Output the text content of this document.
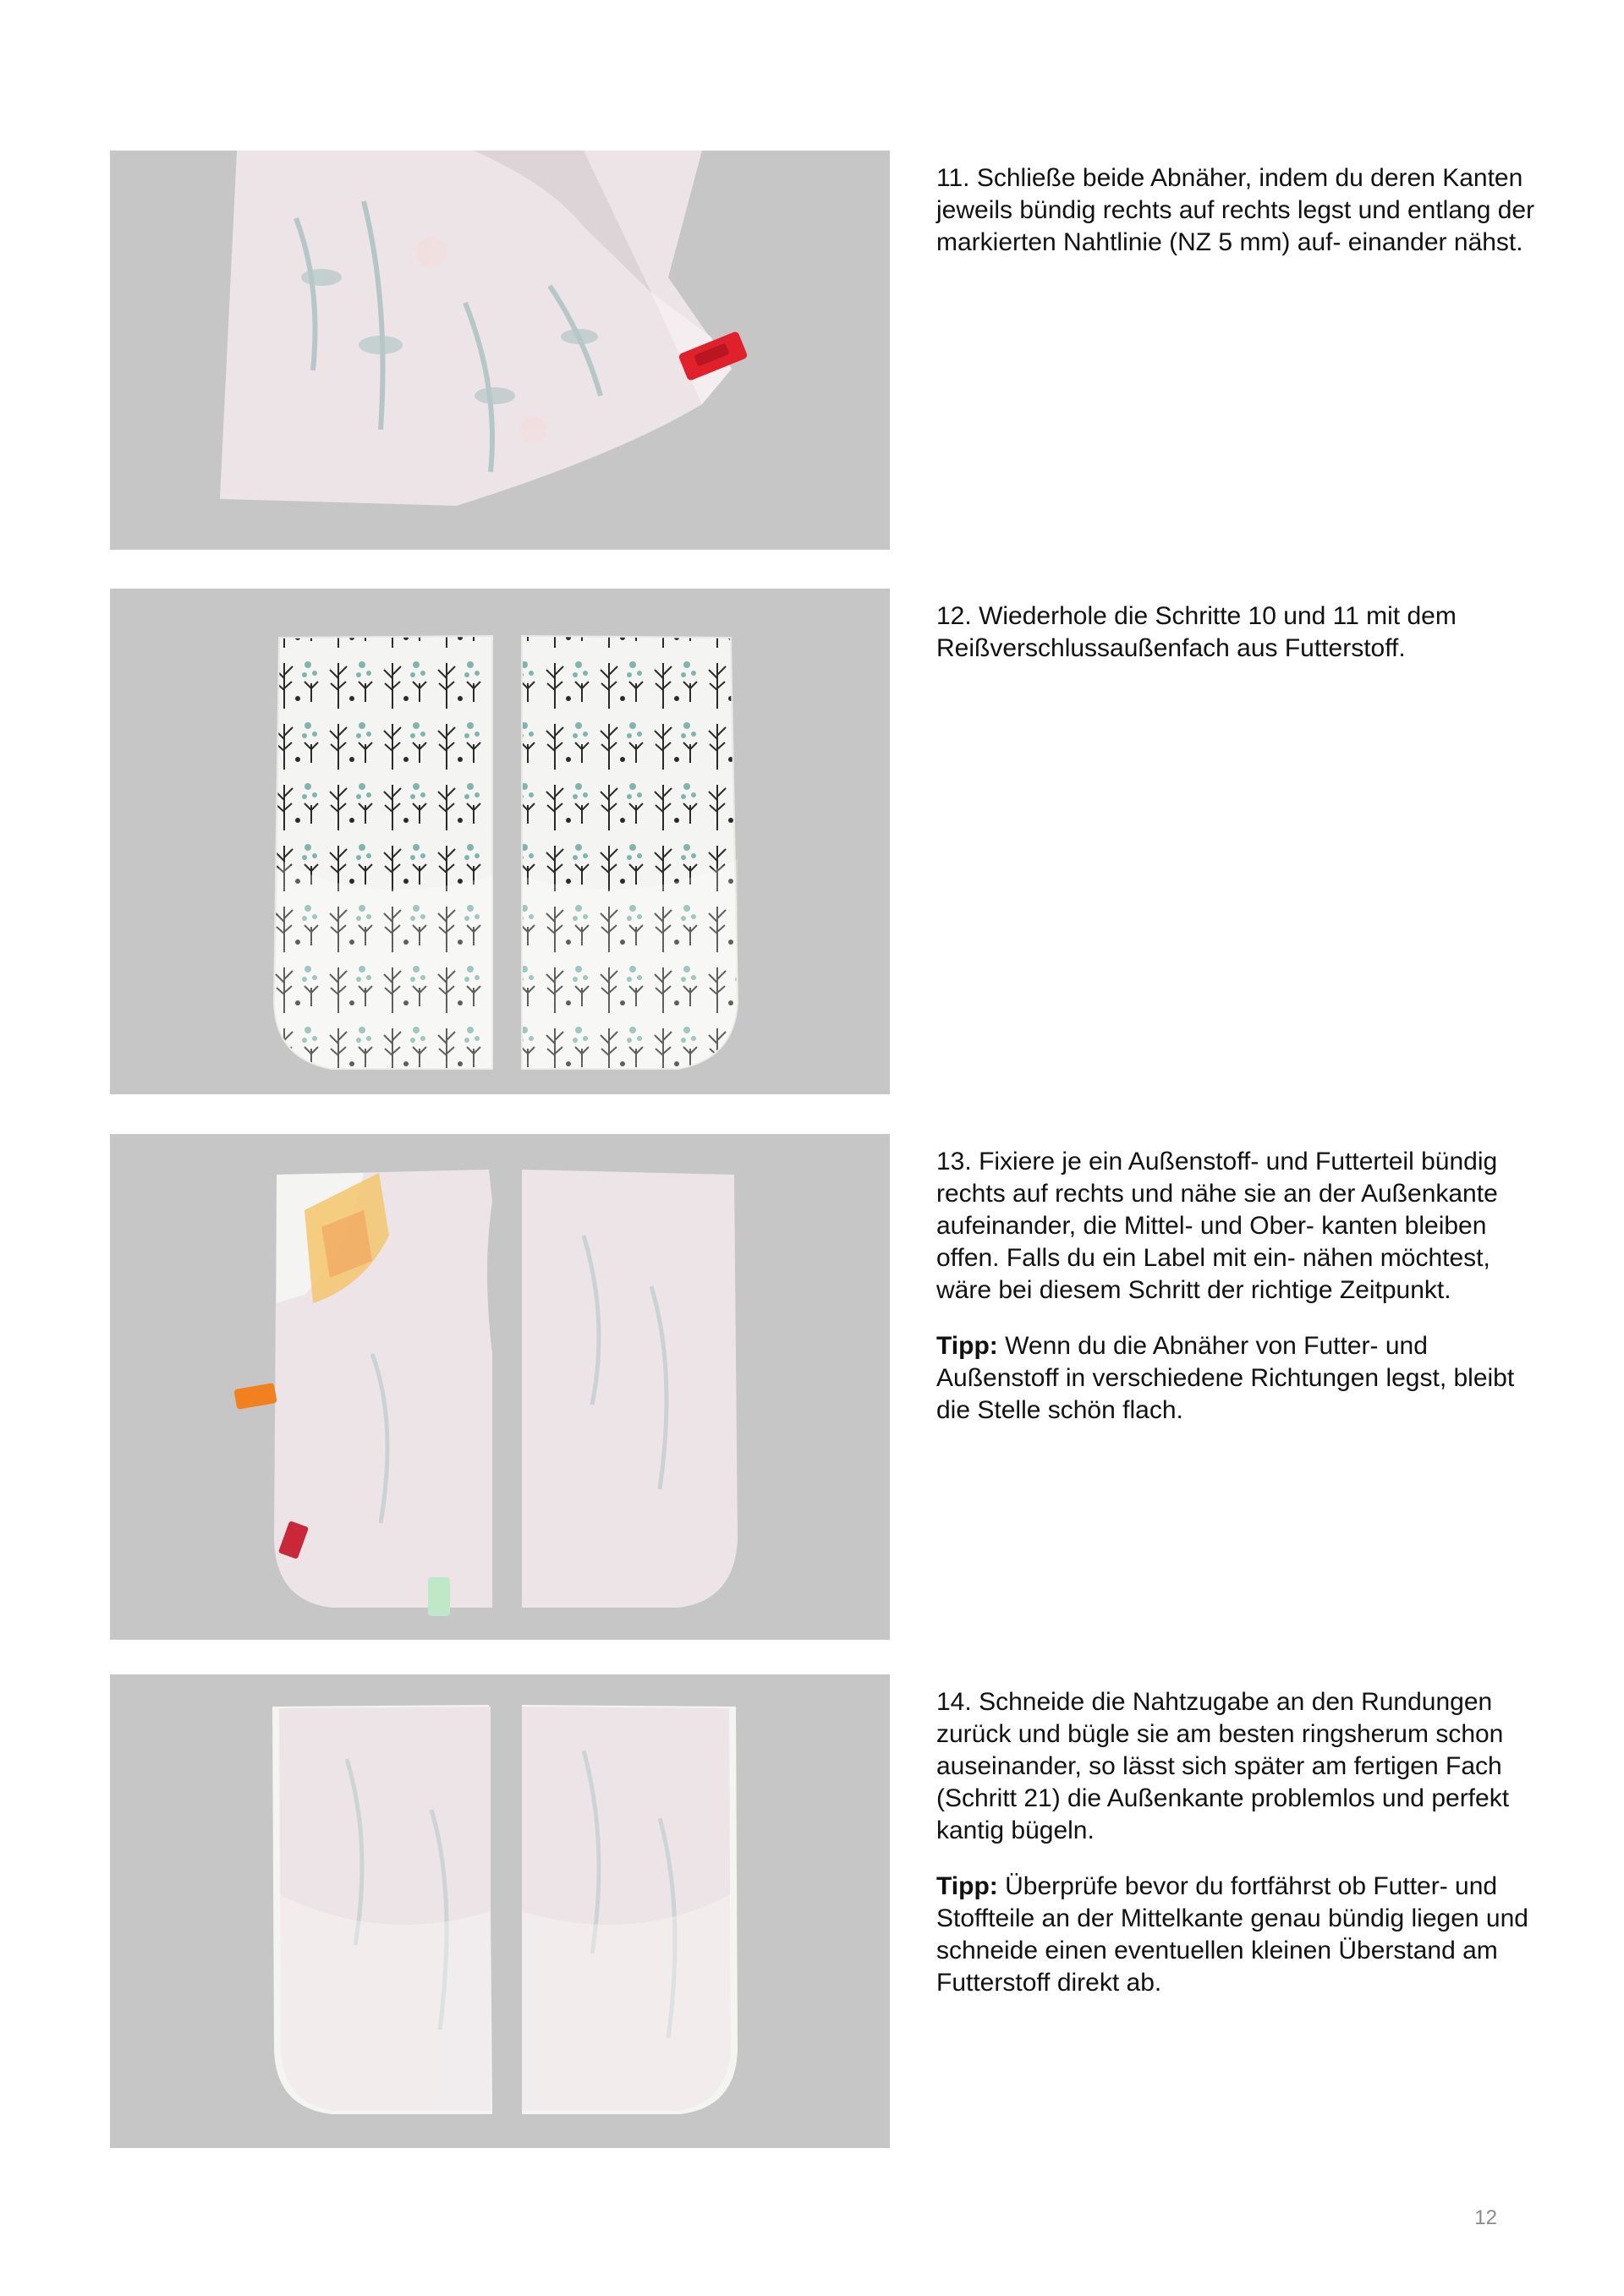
11. Schließe beide Abnäher, indem du deren Kanten jeweils bündig rechts auf rechts legst und entlang der markierten Nahtlinie (NZ 5 mm) auf- einander nähst.

12. Wiederhole die Schritte 10 und 11 mit dem Reißverschlussaußenfach aus Futterstoff.

13. Fixiere je ein Außenstoff- und Futterteil bündig rechts auf rechts und nähe sie an der Außenkante aufeinander, die Mittel- und Ober- kanten bleiben offen. Falls du ein Label mit ein- nähen möchtest, wäre bei diesem Schritt der richtige Zeitpunkt.

Tipp: Wenn du die Abnäher von Futter- und Außenstoff in verschiedene Richtungen legst, bleibt die Stelle schön flach.

14. Schneide die Nahtzugabe an den Rundungen zurück und bügle sie am besten ringsherum schon auseinander, so lässt sich später am fertigen Fach (Schritt 21) die Außenkante problemlos und perfekt kantig bügeln.

Tipp: Überprüfe bevor du fortfährst ob Futter- und Stoffteile an der Mittelkante genau bündig liegen und schneide einen eventuellen kleinen Überstand am Futterstoff direkt ab.

12
